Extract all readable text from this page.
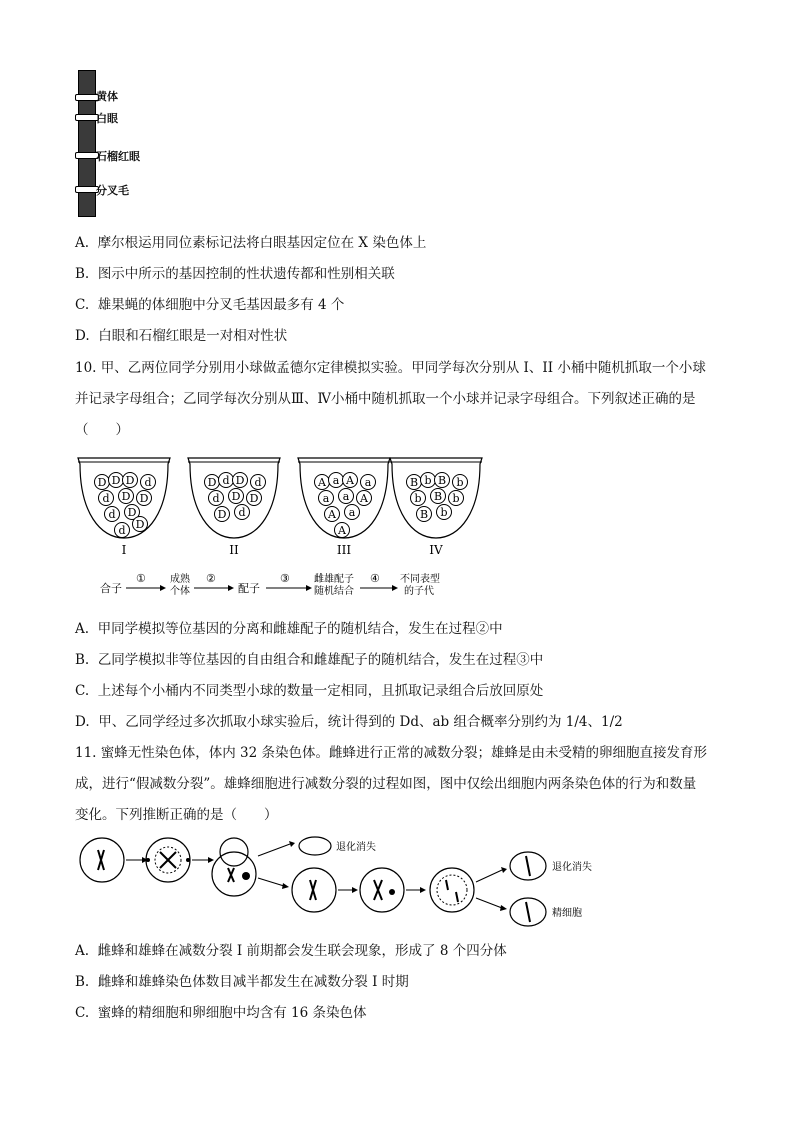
黄体
白眼
石榴红眼
分叉毛
A. 摩尔根运用同位素标记法将白眼基因定位在 X 染色体上
B. 图示中所示的基因控制的性状遗传都和性别相关联
C. 雄果蝇的体细胞中分叉毛基因最多有 4 个
D. 白眼和石榴红眼是一对相对性状
10. 甲、乙两位同学分别用小球做孟德尔定律模拟实验。甲同学每次分别从 I、II 小桶中随机抓取一个小球
并记录字母组合；乙同学每次分别从Ⅲ、Ⅳ小桶中随机抓取一个小球并记录字母组合。下列叙述正确的是
（　　）
D D D d
d D D
d D
d D
I
D d D d
d D D
D d
II
A a A a
a a A
A a
A
III
B b B b
b B b
B b
IV
合子
① 成熟
个体
②
配子
③ 雌雄配子
随机结合
④ 不同表型
的子代
A. 甲同学模拟等位基因的分离和雌雄配子的随机结合，发生在过程②中
B. 乙同学模拟非等位基因的自由组合和雌雄配子的随机结合，发生在过程③中
C. 上述每个小桶内不同类型小球的数量一定相同，且抓取记录组合后放回原处
D. 甲、乙同学经过多次抓取小球实验后，统计得到的 Dd、ab 组合概率分别约为 1/4、1/2
11. 蜜蜂无性染色体，体内 32 条染色体。雌蜂进行正常的减数分裂；雄蜂是由未受精的卵细胞直接发育形
成，进行“假减数分裂”。雄蜂细胞进行减数分裂的过程如图，图中仅绘出细胞内两条染色体的行为和数量
变化。下列推断正确的是（　　）
退化消失
退化消失
精细胞
A. 雌蜂和雄蜂在减数分裂 I 前期都会发生联会现象，形成了 8 个四分体
B. 雌蜂和雄蜂染色体数目减半都发生在减数分裂 I 时期
C. 蜜蜂的精细胞和卵细胞中均含有 16 条染色体
